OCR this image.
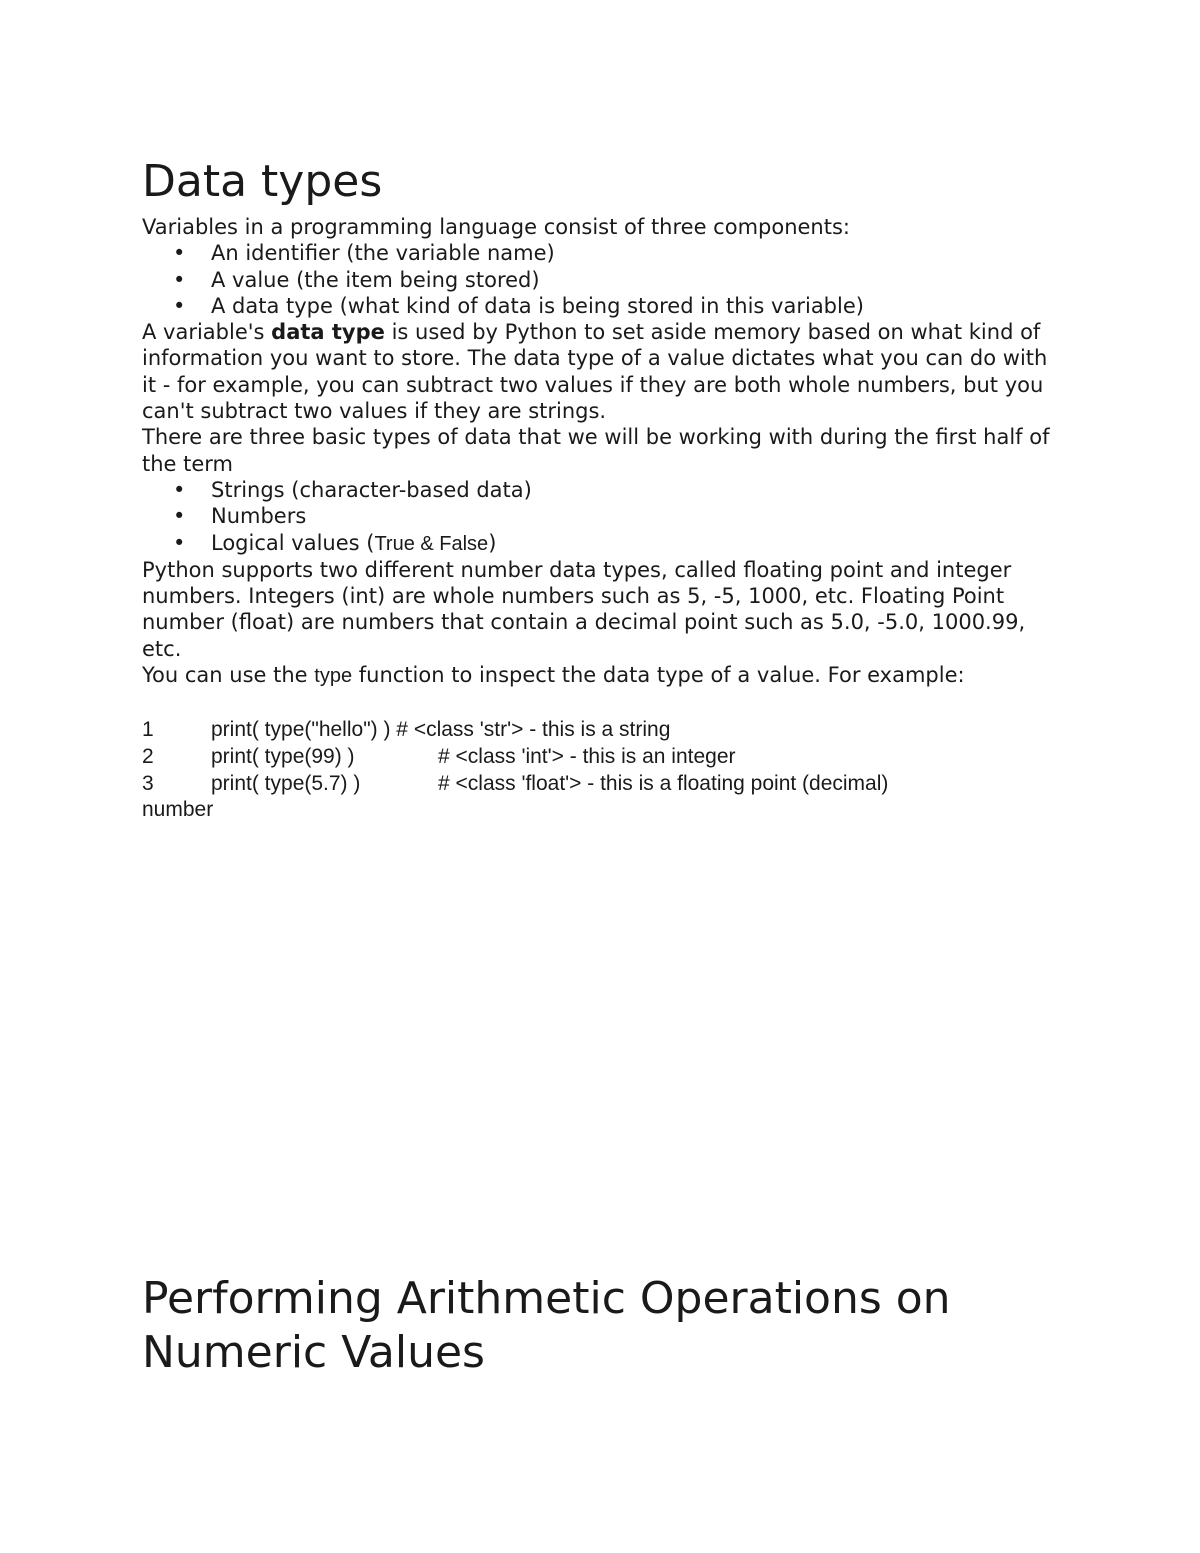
Data types

Variables in a programming language consist of three components:

• An identifier (the variable name)
• A value (the item being stored)
• A data type (what kind of data is being stored in this variable)

A variable's data type is used by Python to set aside memory based on what kind of information you want to store. The data type of a value dictates what you can do with it - for example, you can subtract two values if they are both whole numbers, but you can't subtract two values if they are strings.

There are three basic types of data that we will be working with during the first half of the term

• Strings (character-based data)
• Numbers
• Logical values (True & False)

Python supports two different number data types, called floating point and integer numbers. Integers (int) are whole numbers such as 5, -5, 1000, etc. Floating Point number (float) are numbers that contain a decimal point such as 5.0, -5.0, 1000.99, etc.

You can use the type function to inspect the data type of a value. For example:

1	print( type("hello") ) # <class 'str'> - this is a string
2	print( type(99) )	# <class 'int'> - this is an integer
3	print( type(5.7) )	# <class 'float'> - this is a floating point (decimal)
number
Performing Arithmetic Operations on Numeric Values
